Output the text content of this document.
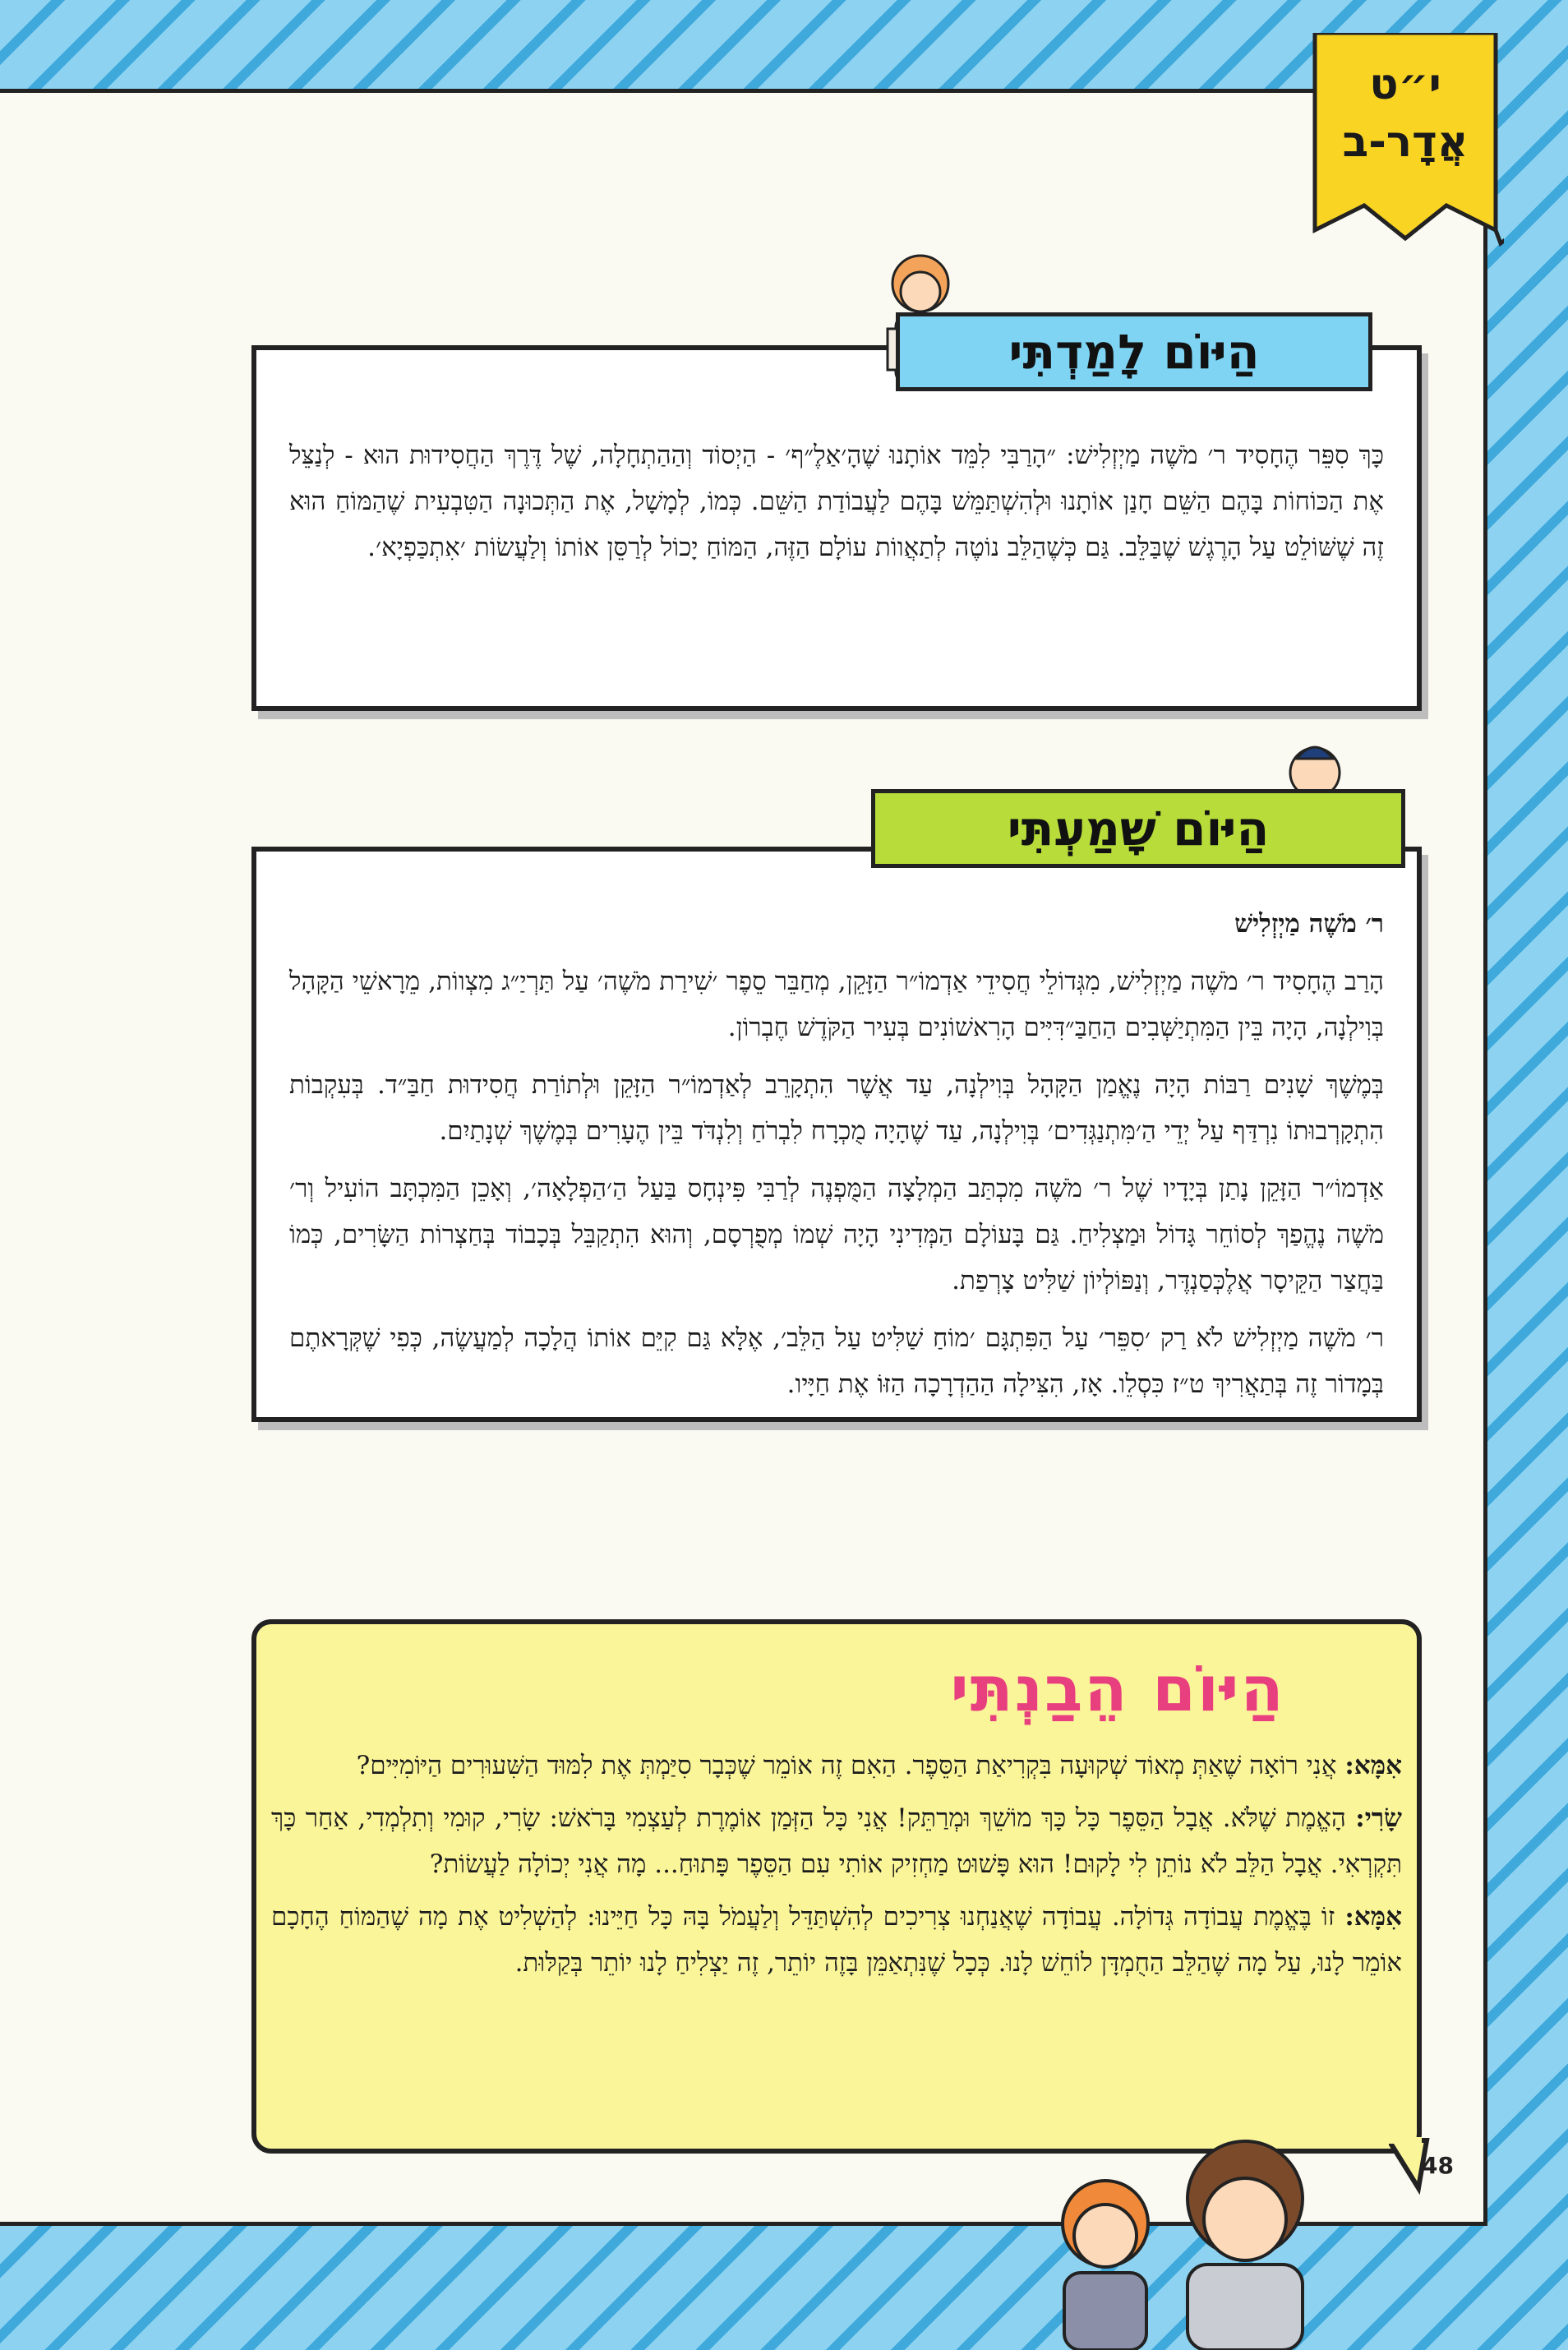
י״ט
אֲדָר-ב

כָּךְ סִפֵּר הֶחָסִיד ר׳ מֹשֶׁה מַיְזְלִישׁ: ״הָרַבִּי לִמֵּד אוֹתָנוּ שֶׁהָ׳אַלֶ״ף׳ - הַיְסוֹד וְהַהַתְחָלָה, שֶׁל דֶּרֶךְ הַחֲסִידוּת הוּא - לְנַצֵּל אֶת הַכּוֹחוֹת בָּהֶם הַשֵּׁם חָנַן אוֹתָנוּ וּלְהִשְׁתַּמֵּשׁ בָּהֶם לַעֲבוֹדַת הַשֵּׁם. כְּמוֹ, לְמָשָׁל, אֶת הַתְּכוּנָה הַטִּבְעִית שֶׁהַמּוֹחַ הוּא זֶה שֶׁשּׁוֹלֵט עַל הָרֶגֶשׁ שֶׁבַּלֵּב. גַּם כְּשֶׁהַלֵּב נוֹטֶה לְתַאֲווֹת עוֹלָם הַזֶּה, הַמּוֹחַ יָכוֹל לְרַסֵּן אוֹתוֹ וְלַעֲשׂוֹת ׳אִתְכַּפְיָא׳.

הַיּוֹם לָמַדְתִּי

ר׳ מֹשֶׁה מַיְזְלִישׁ

הָרַב הֶחָסִיד ר׳ מֹשֶׁה מַיְזְלִישׁ, מִגְּדוֹלֵי חֲסִידֵי אַדְמוֹ״ר הַזָּקֵן, מְחַבֵּר סֵפֶר ׳שִׁירַת מֹשֶׁה׳ עַל תַּרְיַ״ג מִצְווֹת, מֵרָאשֵׁי הַקָּהָל בְּוִילְנָה, הָיָה בֵּין הַמִּתְיַשְּׁבִים הַחַבַּ״דִּיִּים הָרִאשׁוֹנִים בְּעִיר הַקֹּדֶשׁ חֶבְרוֹן.

בְּמֶשֶׁךְ שָׁנִים רַבּוֹת הָיָה נֶאֱמַן הַקָּהָל בְּוִילְנָה, עַד אֲשֶׁר הִתְקָרֵב לְאַדְמוֹ״ר הַזָּקֵן וּלְתוֹרַת חֲסִידוּת חַבַּ״ד. בְּעִקְבוֹת הִתְקָרְבוּתוֹ נִרְדַּף עַל יְדֵי הַ׳מִּתְנַגְּדִים׳ בְּוִילְנָה, עַד שֶׁהָיָה מֻכְרָח לִבְרֹחַ וְלִנְדֹּד בֵּין הֶעָרִים בְּמֶשֶׁךְ שְׁנָתַיִם.

אַדְמוֹ״ר הַזָּקֵן נָתַן בְּיָדָיו שֶׁל ר׳ מֹשֶׁה מִכְתַּב הַמְלָצָה הַמֻּפְנֶה לְרַבִּי פִּינְחָס בַּעַל הַ׳הַפְלָאָה׳, וְאָכֵן הַמִּכְתָּב הוֹעִיל וְר׳ מֹשֶׁה נֶהֱפַךְ לְסוֹחֵר גָּדוֹל וּמַצְלִיחַ. גַּם בָּעוֹלָם הַמְּדִינִי הָיָה שְׁמוֹ מְפֻרְסָם, וְהוּא הִתְקַבֵּל בְּכָבוֹד בְּחַצְרוֹת הַשָּׂרִים, כְּמוֹ בַּחֲצַר הַקֵּיסָר אֲלֶכְּסַנְדֶּר, וְנַפּוֹלְיוֹן שַׁלִּיט צָרְפַת.

ר׳ מֹשֶׁה מַיְזְלִישׁ לֹא רַק ׳סִפֵּר׳ עַל הַפִּתְגָּם ׳מוֹחַ שַׁלִּיט עַל הַלֵּב׳, אֶלָּא גַּם קִיֵּם אוֹתוֹ הֲלָכָה לְמַעֲשֶׂה, כְּפִי שֶׁקְּרָאתֶם בְּמָדוֹר זֶה בְּתַאֲרִיךְ ט״ז כִּסְלֵו. אָז, הִצִּילָה הַהַדְרָכָה הַזּוֹ אֶת חַיָּיו.

הַיּוֹם שָׁמַעְתִּי
הַיּוֹם הֵבַנְתִּי

אִמָּא: אֲנִי רוֹאָה שֶׁאַתְּ מְאוֹד שְׁקוּעָה בִּקְרִיאַת הַסֵּפֶר. הַאִם זֶה אוֹמֵר שֶׁכְּבָר סִיַּמְתְּ אֶת לִמּוּד הַשִּׁעוּרִים הַיּוֹמִיִּים?

שָׂרִי: הָאֱמֶת שֶׁלֹּא. אֲבָל הַסֵּפֶר כָּל כָּךְ מוֹשֵׁךְ וּמְרַתֵּק! אֲנִי כָּל הַזְּמַן אוֹמֶרֶת לְעַצְמִי בָּרֹאשׁ: שָׂרִי, קוּמִי וְתִלְמְדִי, אַחַר כָּךְ תִּקְרְאִי. אֲבָל הַלֵּב לֹא נוֹתֵן לִי לָקוּם! הוּא פָּשׁוּט מַחְזִיק אוֹתִי עִם הַסֵּפֶר פָּתוּחַ... מָה אֲנִי יְכוֹלָה לַעֲשׂוֹת?

אִמָּא: זוֹ בֶּאֱמֶת עֲבוֹדָה גְּדוֹלָה. עֲבוֹדָה שֶׁאֲנַחְנוּ צְרִיכִים לְהִשְׁתַּדֵּל וְלַעֲמֹל בָּהּ כָּל חַיֵּינוּ: לְהַשְׁלִיט אֶת מָה שֶׁהַמּוֹחַ הֶחָכָם אוֹמֵר לָנוּ, עַל מָה שֶׁהַלֵּב הַחֻמְדָּן לוֹחֵשׁ לָנוּ. כְּכָל שֶׁנִּתְאַמֵּן בָּזֶה יוֹתֵר, זֶה יַצְלִיחַ לָנוּ יוֹתֵר בְּקַלּוּת.

48
